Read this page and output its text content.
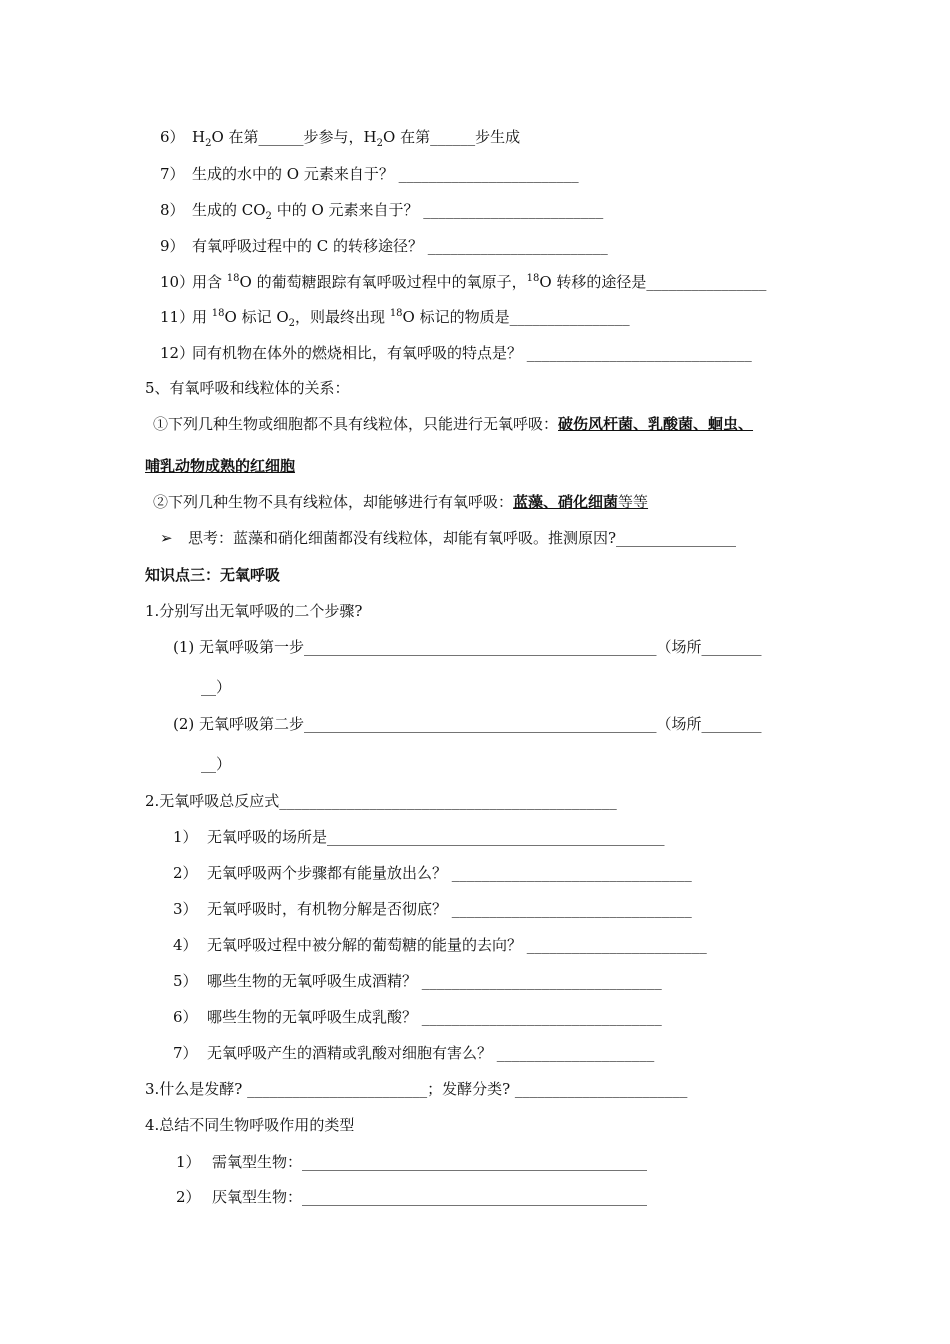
6） $H_2O$ 在第______步参与，$H_2O$ 在第______步生成
7） 生成的水中的 O 元素来自于？ ________________________
8） 生成的 $CO_2$ 中的 O 元素来自于？ ________________________
9） 有氧呼吸过程中的 C 的转移途径？ ________________________
10）用含 $^{18}$O 的葡萄糖跟踪有氧呼吸过程中的氧原子，$^{18}$O 转移的途径是________________
11）用 $^{18}$O 标记 $O_2$，则最终出现 $^{18}$O 标记的物质是________________
12）同有机物在体外的燃烧相比，有氧呼吸的特点是？ ______________________________
5、有氧呼吸和线粒体的关系：
①下列几种生物或细胞都不具有线粒体，只能进行无氧呼吸：破伤风杆菌、乳酸菌、蛔虫、
哺乳动物成熟的红细胞
②下列几种生物不具有线粒体，却能够进行有氧呼吸：蓝藻、硝化细菌等等
➢ 思考：蓝藻和硝化细菌都没有线粒体，却能有氧呼吸。推测原因?________________
知识点三：无氧呼吸
1.分别写出无氧呼吸的二个步骤?
(1) 无氧呼吸第一步_______________________________________________（场所________
__）
(2) 无氧呼吸第二步_______________________________________________（场所________
__）
2.无氧呼吸总反应式_____________________________________________
1） 无氧呼吸的场所是_____________________________________________
2） 无氧呼吸两个步骤都有能量放出么？ ________________________________
3） 无氧呼吸时，有机物分解是否彻底？ ________________________________
4） 无氧呼吸过程中被分解的葡萄糖的能量的去向？ ________________________
5） 哪些生物的无氧呼吸生成酒精？ ________________________________
6） 哪些生物的无氧呼吸生成乳酸？ ________________________________
7） 无氧呼吸产生的酒精或乳酸对细胞有害么？ _____________________
3.什么是发酵? ________________________；发酵分类? _______________________
4.总结不同生物呼吸作用的类型
1） 需氧型生物：______________________________________________
2） 厌氧型生物：______________________________________________
